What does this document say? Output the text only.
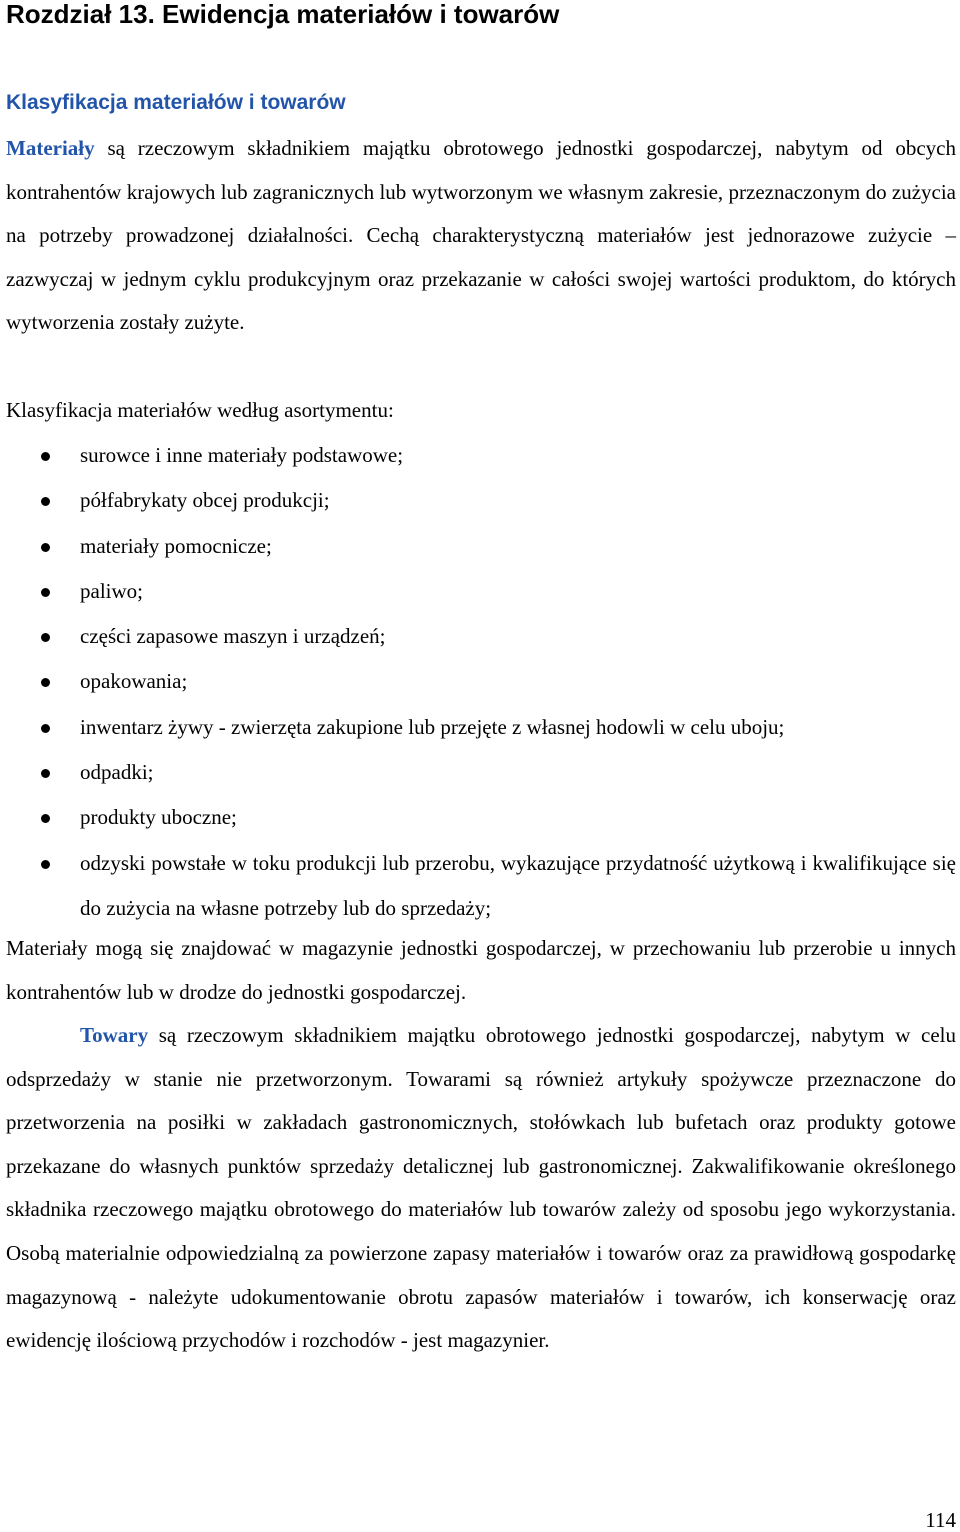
Rozdział 13. Ewidencja materiałów i towarów
Klasyfikacja materiałów i towarów

Materiały są rzeczowym składnikiem majątku obrotowego jednostki gospodarczej, nabytym od obcych kontrahentów krajowych lub zagranicznych lub wytworzonym we własnym zakresie, przeznaczonym do zużycia na potrzeby prowadzonej działalności. Cechą charakterystyczną materiałów jest jednorazowe zużycie – zazwyczaj w jednym cyklu produkcyjnym oraz przekazanie w całości swojej wartości produktom, do których wytworzenia zostały zużyte.

Klasyfikacja materiałów według asortymentu:

surowce i inne materiały podstawowe;
półfabrykaty obcej produkcji;
materiały pomocnicze;
paliwo;
części zapasowe maszyn i urządzeń;
opakowania;
inwentarz żywy - zwierzęta zakupione lub przejęte z własnej hodowli w celu uboju;
odpadki;
produkty uboczne;
odzyski powstałe w toku produkcji lub przerobu, wykazujące przydatność użytkową i kwalifikujące się do zużycia na własne potrzeby lub do sprzedaży;

Materiały mogą się znajdować w magazynie jednostki gospodarczej, w przechowaniu lub przerobie u innych kontrahentów lub w drodze do jednostki gospodarczej.

Towary są rzeczowym składnikiem majątku obrotowego jednostki gospodarczej, nabytym w celu odsprzedaży w stanie nie przetworzonym. Towarami są również artykuły spożywcze przeznaczone do przetworzenia na posiłki w zakładach gastronomicznych, stołówkach lub bufetach oraz produkty gotowe przekazane do własnych punktów sprzedaży detalicznej lub gastronomicznej. Zakwalifikowanie określonego składnika rzeczowego majątku obrotowego do materiałów lub towarów zależy od sposobu jego wykorzystania. Osobą materialnie odpowiedzialną za powierzone zapasy materiałów i towarów oraz za prawidłową gospodarkę magazynową - należyte udokumentowanie obrotu zapasów materiałów i towarów, ich konserwację oraz ewidencję ilościową przychodów i rozchodów - jest magazynier.

114
